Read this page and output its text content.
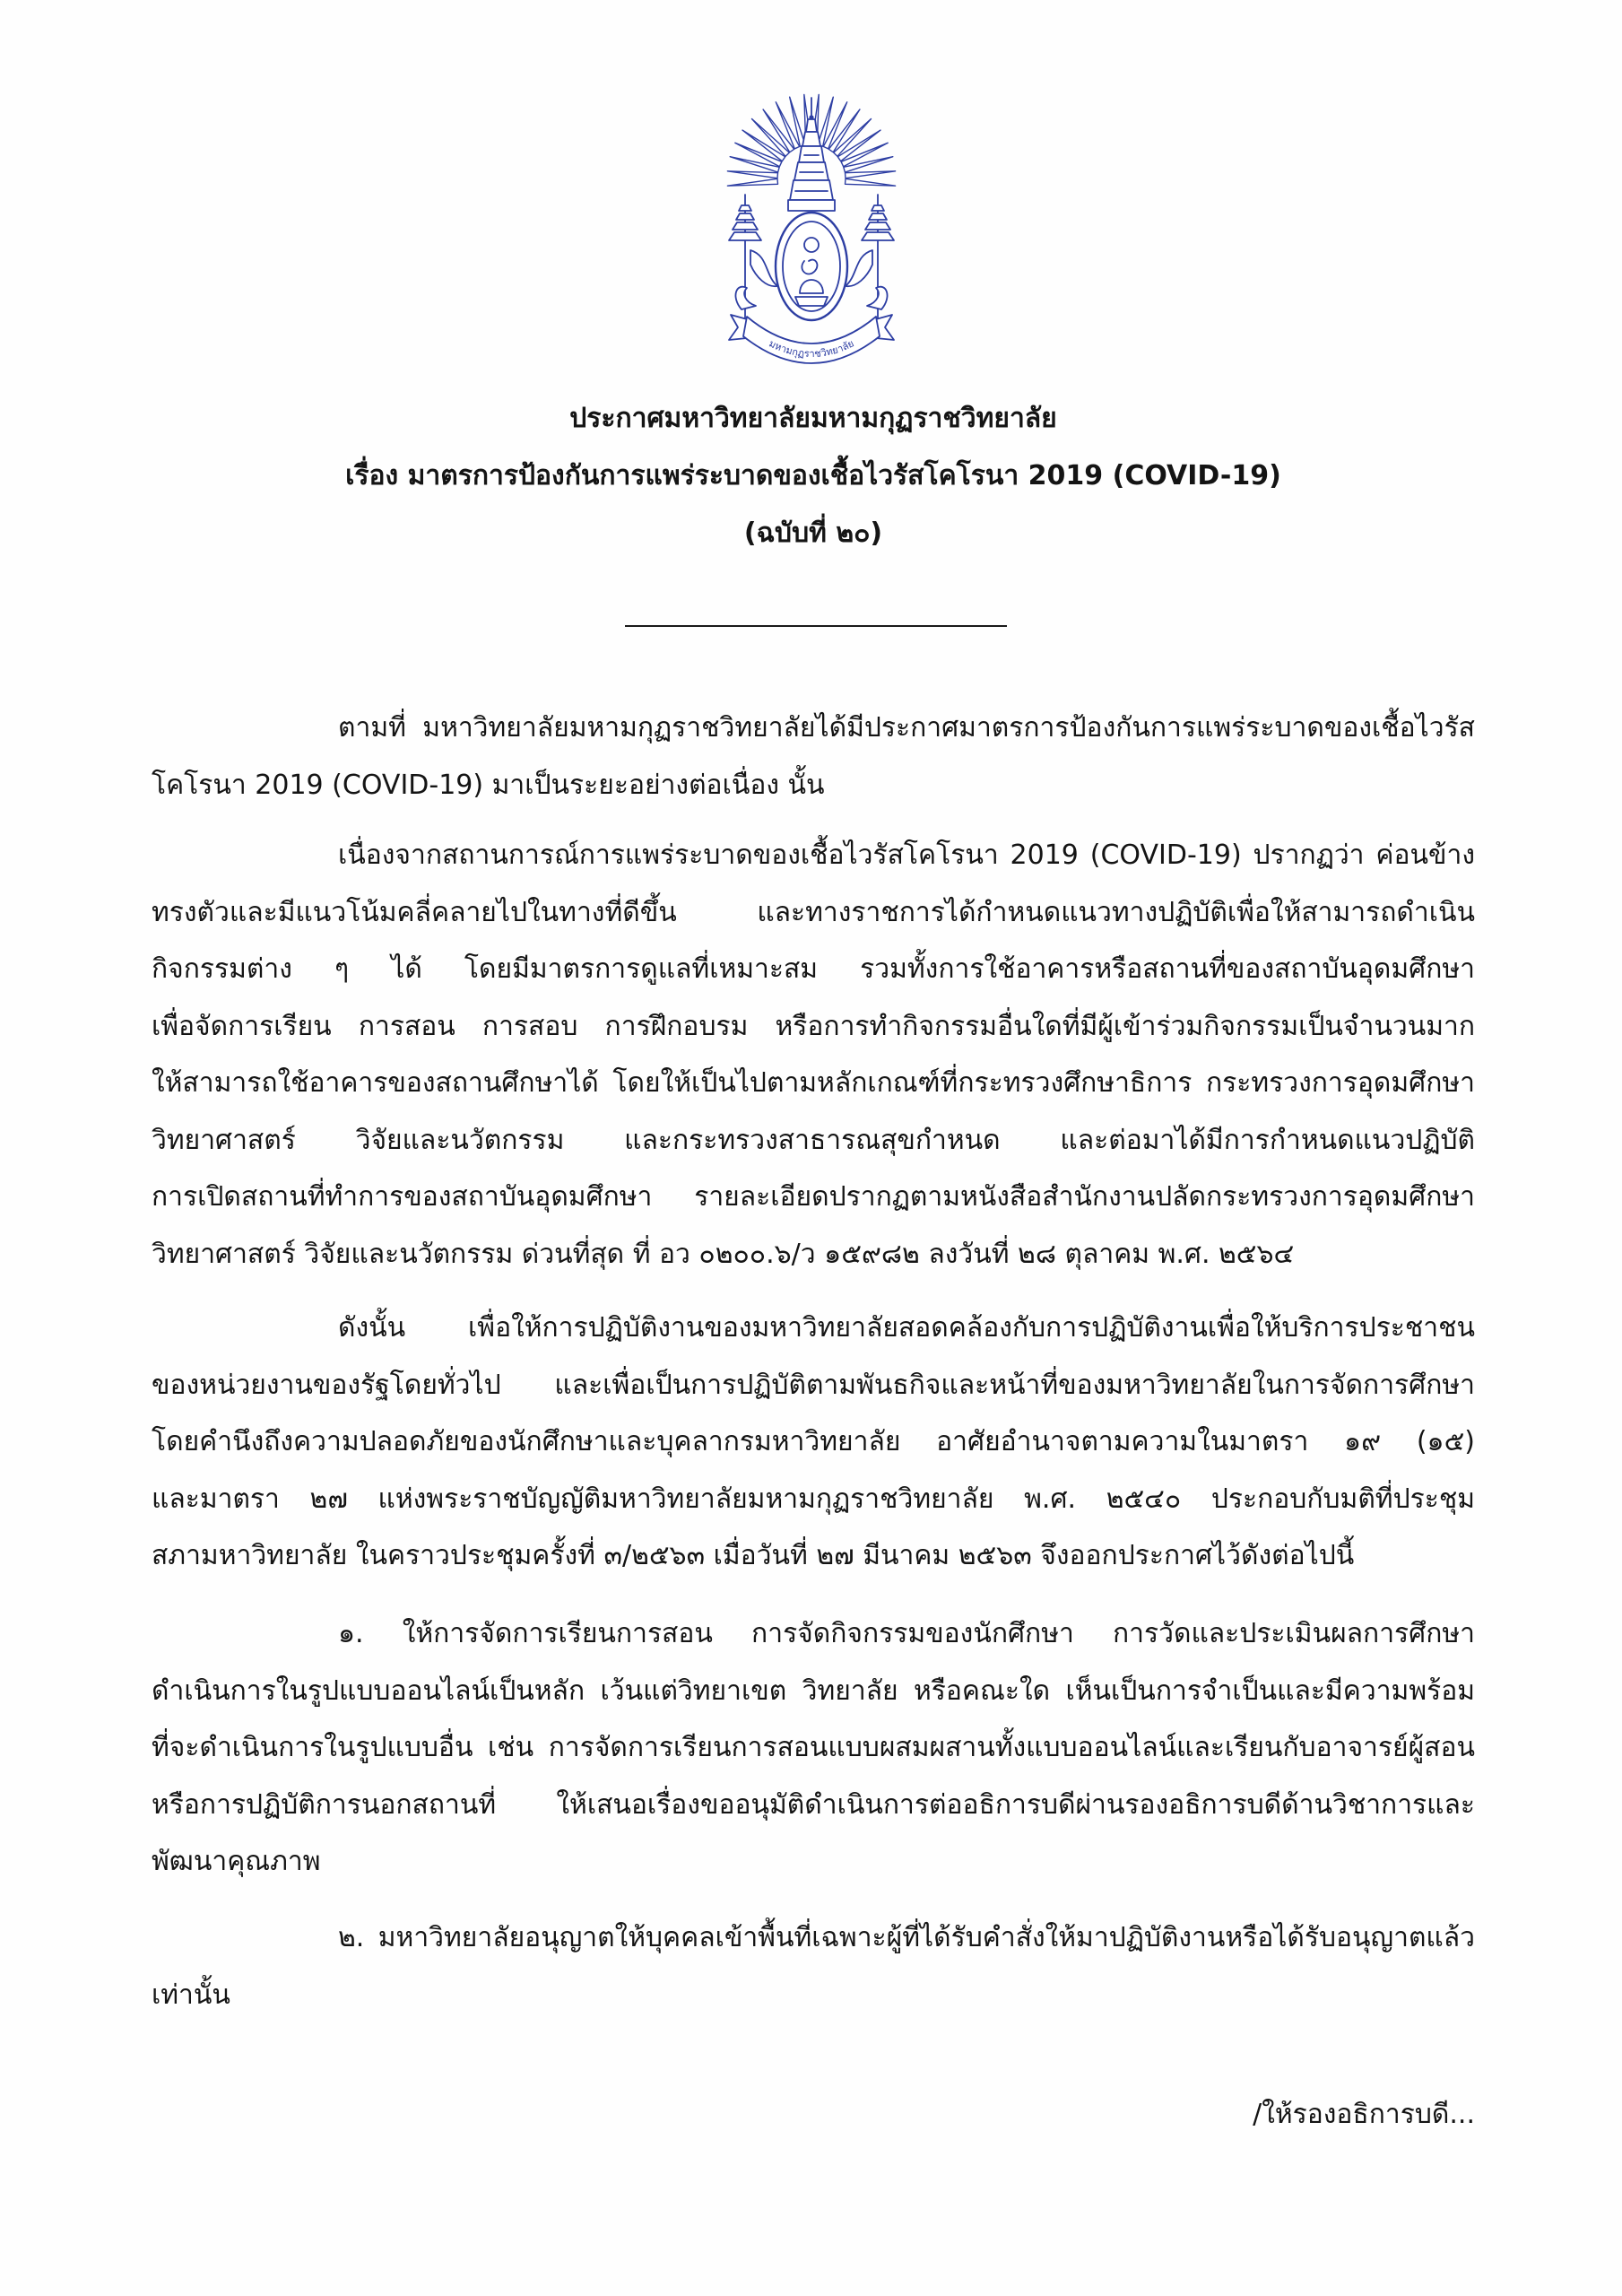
มหามกุฏราชวิทยาลัย
ประกาศมหาวิทยาลัยมหามกุฏราชวิทยาลัย
เรื่อง มาตรการป้องกันการแพร่ระบาดของเชื้อไวรัสโคโรนา 2019 (COVID-19)
(ฉบับที่ ๒๐)
ตามที่ มหาวิทยาลัยมหามกุฏราชวิทยาลัยได้มีประกาศมาตรการป้องกันการแพร่ระบาดของเชื้อไวรัส
โคโรนา 2019 (COVID-19) มาเป็นระยะอย่างต่อเนื่อง นั้น
เนื่องจากสถานการณ์การแพร่ระบาดของเชื้อไวรัสโคโรนา 2019 (COVID-19) ปรากฏว่า ค่อนข้าง
ทรงตัวและมีแนวโน้มคลี่คลายไปในทางที่ดีขึ้น และทางราชการได้กำหนดแนวทางปฏิบัติเพื่อให้สามารถดำเนิน
กิจกรรมต่าง ๆ ได้ โดยมีมาตรการดูแลที่เหมาะสม รวมทั้งการใช้อาคารหรือสถานที่ของสถาบันอุดมศึกษา
เพื่อจัดการเรียน การสอน การสอบ การฝึกอบรม หรือการทำกิจกรรมอื่นใดที่มีผู้เข้าร่วมกิจกรรมเป็นจำนวนมาก
ให้สามารถใช้อาคารของสถานศึกษาได้ โดยให้เป็นไปตามหลักเกณฑ์ที่กระทรวงศึกษาธิการ กระทรวงการอุดมศึกษา
วิทยาศาสตร์ วิจัยและนวัตกรรม และกระทรวงสาธารณสุขกำหนด และต่อมาได้มีการกำหนดแนวปฏิบัติ
การเปิดสถานที่ทำการของสถาบันอุดมศึกษา รายละเอียดปรากฏตามหนังสือสำนักงานปลัดกระทรวงการอุดมศึกษา
วิทยาศาสตร์ วิจัยและนวัตกรรม ด่วนที่สุด ที่ อว ๐๒๐๐.๖/ว ๑๕๙๘๒ ลงวันที่ ๒๘ ตุลาคม พ.ศ. ๒๕๖๔
ดังนั้น เพื่อให้การปฏิบัติงานของมหาวิทยาลัยสอดคล้องกับการปฏิบัติงานเพื่อให้บริการประชาชน
ของหน่วยงานของรัฐโดยทั่วไป และเพื่อเป็นการปฏิบัติตามพันธกิจและหน้าที่ของมหาวิทยาลัยในการจัดการศึกษา
โดยคำนึงถึงความปลอดภัยของนักศึกษาและบุคลากรมหาวิทยาลัย อาศัยอำนาจตามความในมาตรา ๑๙ (๑๕)
และมาตรา ๒๗ แห่งพระราชบัญญัติมหาวิทยาลัยมหามกุฏราชวิทยาลัย พ.ศ. ๒๕๔๐ ประกอบกับมติที่ประชุม
สภามหาวิทยาลัย ในคราวประชุมครั้งที่ ๓/๒๕๖๓ เมื่อวันที่ ๒๗ มีนาคม ๒๕๖๓ จึงออกประกาศไว้ดังต่อไปนี้
๑. ให้การจัดการเรียนการสอน การจัดกิจกรรมของนักศึกษา การวัดและประเมินผลการศึกษา
ดำเนินการในรูปแบบออนไลน์เป็นหลัก เว้นแต่วิทยาเขต วิทยาลัย หรือคณะใด เห็นเป็นการจำเป็นและมีความพร้อม
ที่จะดำเนินการในรูปแบบอื่น เช่น การจัดการเรียนการสอนแบบผสมผสานทั้งแบบออนไลน์และเรียนกับอาจารย์ผู้สอน
หรือการปฏิบัติการนอกสถานที่ ให้เสนอเรื่องขออนุมัติดำเนินการต่ออธิการบดีผ่านรองอธิการบดีด้านวิชาการและ
พัฒนาคุณภาพ
๒. มหาวิทยาลัยอนุญาตให้บุคคลเข้าพื้นที่เฉพาะผู้ที่ได้รับคำสั่งให้มาปฏิบัติงานหรือได้รับอนุญาตแล้ว
เท่านั้น
/ให้รองอธิการบดี...
